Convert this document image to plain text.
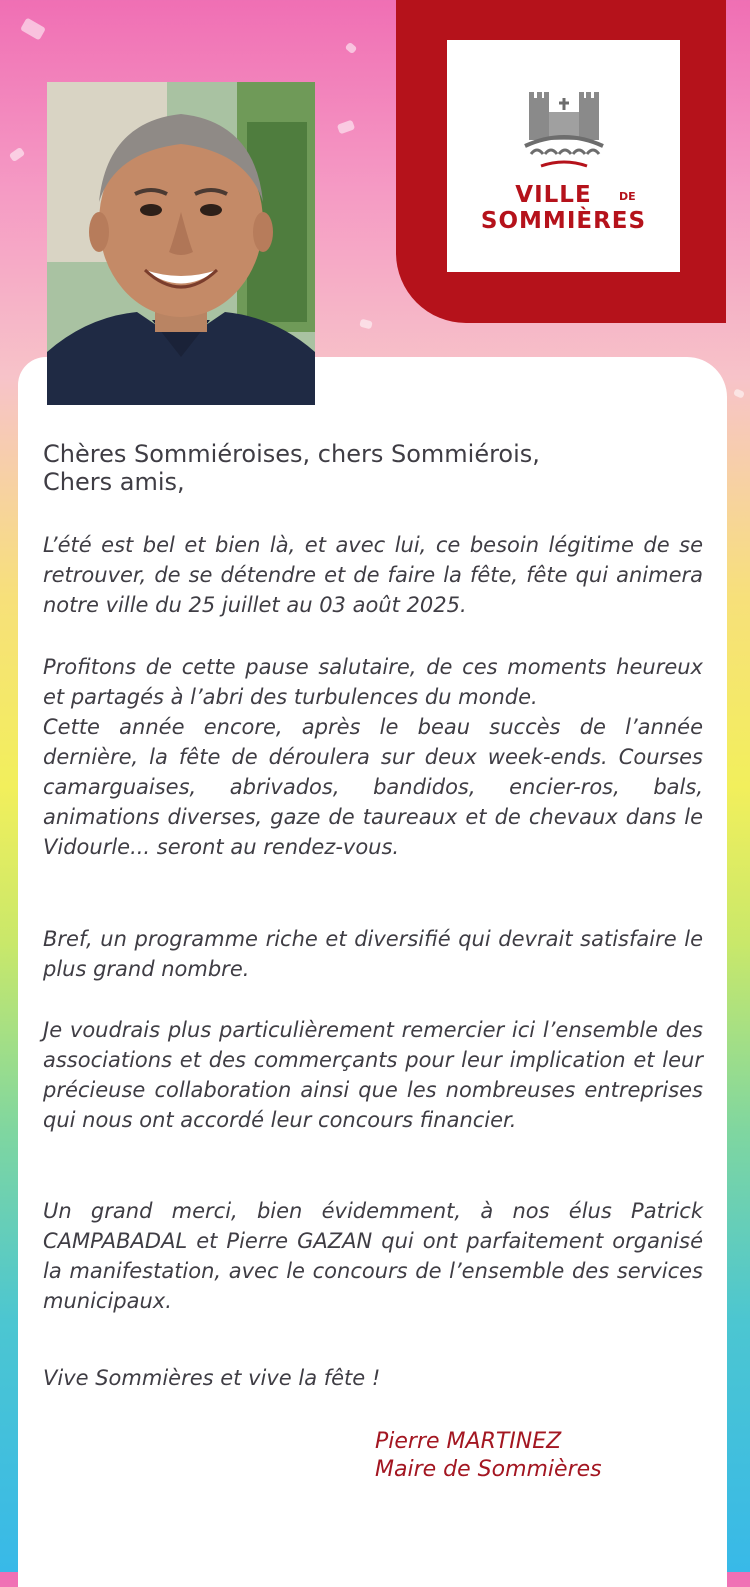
VILLE	DE
SOMMIÈRES
Chères Sommiéroises, chers Sommiérois,
Chers amis,
L’été est bel et bien là, et avec lui, ce besoin légitime de se retrouver, de se détendre et de faire la fête, fête qui animera notre ville du 25 juillet au 03 août 2025.
Profitons de cette pause salutaire, de ces moments heureux et partagés à l’abri des turbulences du monde.
Cette année encore, après le beau succès de l’année dernière, la fête de déroulera sur deux week-ends. Courses camarguaises, abrivados, bandidos, encier-ros, bals, animations diverses, gaze de taureaux et de chevaux dans le Vidourle... seront au rendez-vous.
Bref, un programme riche et diversifié qui devrait satisfaire le plus grand nombre.
Je voudrais plus particulièrement remercier ici l’ensemble des associations et des commerçants pour leur implication et leur précieuse collaboration ainsi que les nombreuses entreprises qui nous ont accordé leur concours financier.
Un grand merci, bien évidemment, à nos élus Patrick CAMPABADAL et Pierre GAZAN qui ont parfaitement organisé la manifestation, avec le concours de l’ensemble des services municipaux.
Vive Sommières et vive la fête !
Pierre MARTINEZ
Maire de Sommières
